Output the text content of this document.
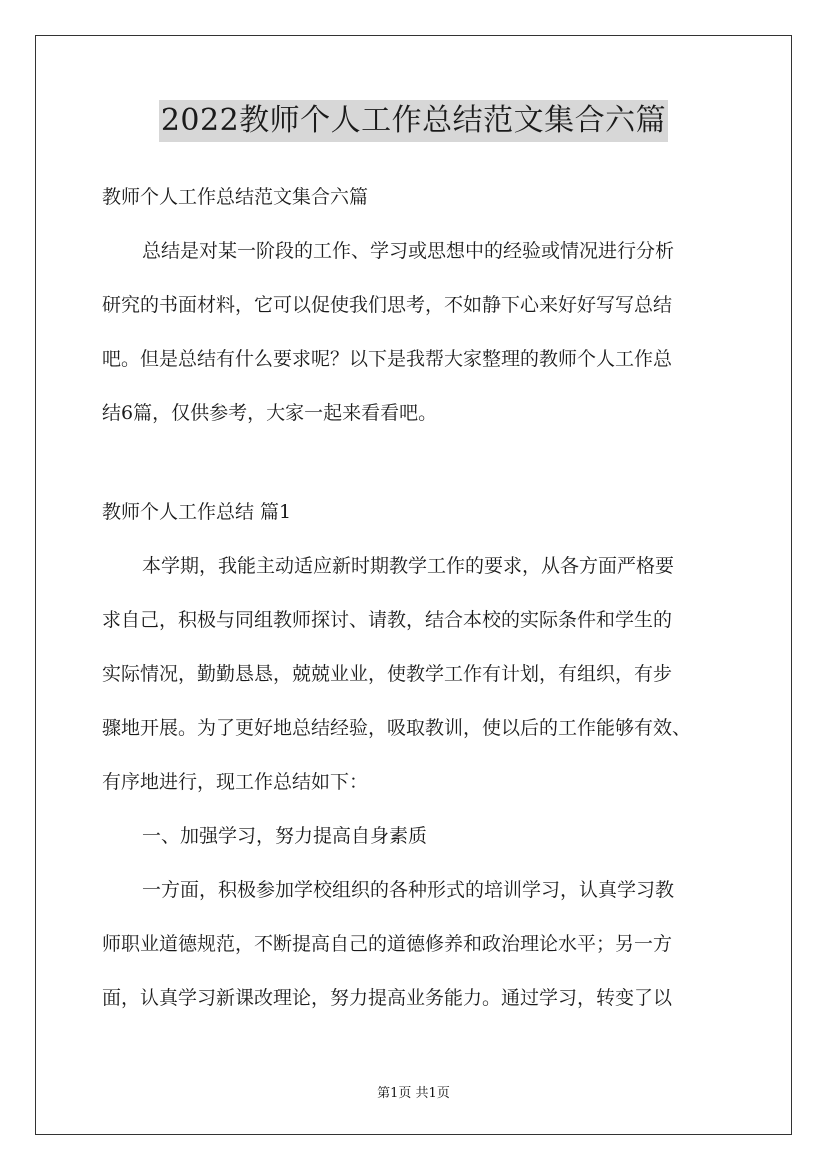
2022教师个人工作总结范文集合六篇
教师个人工作总结范文集合六篇
总结是对某一阶段的工作、学习或思想中的经验或情况进行分析
研究的书面材料，它可以促使我们思考，不如静下心来好好写写总结
吧。但是总结有什么要求呢？以下是我帮大家整理的教师个人工作总
结6篇，仅供参考，大家一起来看看吧。
教师个人工作总结 篇1
本学期，我能主动适应新时期教学工作的要求，从各方面严格要
求自己，积极与同组教师探讨、请教，结合本校的实际条件和学生的
实际情况，勤勤恳恳，兢兢业业，使教学工作有计划，有组织，有步
骤地开展。为了更好地总结经验，吸取教训，使以后的工作能够有效、
有序地进行，现工作总结如下：
一、加强学习，努力提高自身素质
一方面，积极参加学校组织的各种形式的培训学习，认真学习教
师职业道德规范，不断提高自己的道德修养和政治理论水平；另一方
面，认真学习新课改理论，努力提高业务能力。通过学习，转变了以
第1页 共1页
